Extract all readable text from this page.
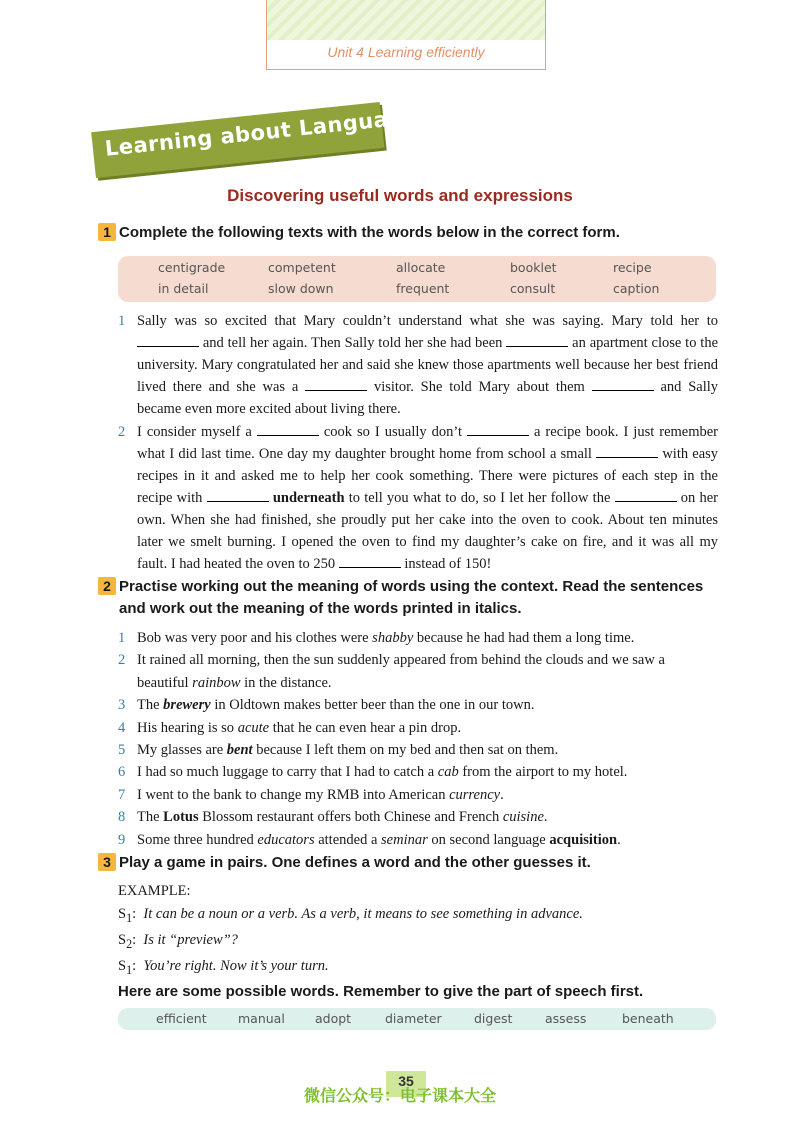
Unit 4 Learning efficiently
Learning about Language
Discovering useful words and expressions
1 Complete the following texts with the words below in the correct form.
centigrade	competent	allocate	booklet	recipe
in detail	slow down	frequent	consult	caption
1 Sally was so excited that Mary couldn’t understand what she was saying. Mary told her to  and tell her again. Then Sally told her she had been	an apartment close to the university. Mary congratulated her and said she knew those apartments well because her best friend lived there and she was a	visitor. She told Mary about them	and Sally became even more excited about living there.
2 I consider myself a	cook so I usually don’t	a recipe book. I just remember what I did last time. One day my daughter brought home from school a small	with easy recipes in it and asked me to help her cook something. There were pictures of each step in the recipe with	underneath to tell you what to do, so I let her follow the	on her own. When she had finished, she proudly put her cake into the oven to cook. About ten minutes later we smelt burning. I opened the oven to find my daughter’s cake on fire, and it was all my fault. I had heated the oven to 250	instead of 150!
2 Practise working out the meaning of words using the context. Read the sentences
and work out the meaning of the words printed in italics.
1 Bob was very poor and his clothes were shabby because he had had them a long time.
2 It rained all morning, then the sun suddenly appeared from behind the clouds and we saw a beautiful rainbow in the distance.
3 The brewery in Oldtown makes better beer than the one in our town.
4 His hearing is so acute that he can even hear a pin drop.
5 My glasses are bent because I left them on my bed and then sat on them.
6 I had so much luggage to carry that I had to catch a cab from the airport to my hotel.
7 I went to the bank to change my RMB into American currency.
8 The Lotus Blossom restaurant offers both Chinese and French cuisine.
9 Some three hundred educators attended a seminar on second language acquisition.
3 Play a game in pairs. One defines a word and the other guesses it.
EXAMPLE:
$S_1$:  It can be a noun or a verb. As a verb, it means to see something in advance.
$S_2$:  Is it “preview”?
$S_1$:  You’re right. Now it’s your turn.
Here are some possible words. Remember to give the part of speech first.
efficient	manual adopt	diameter	digest	assess	beneath
35
微信公众号：电子课本大全
